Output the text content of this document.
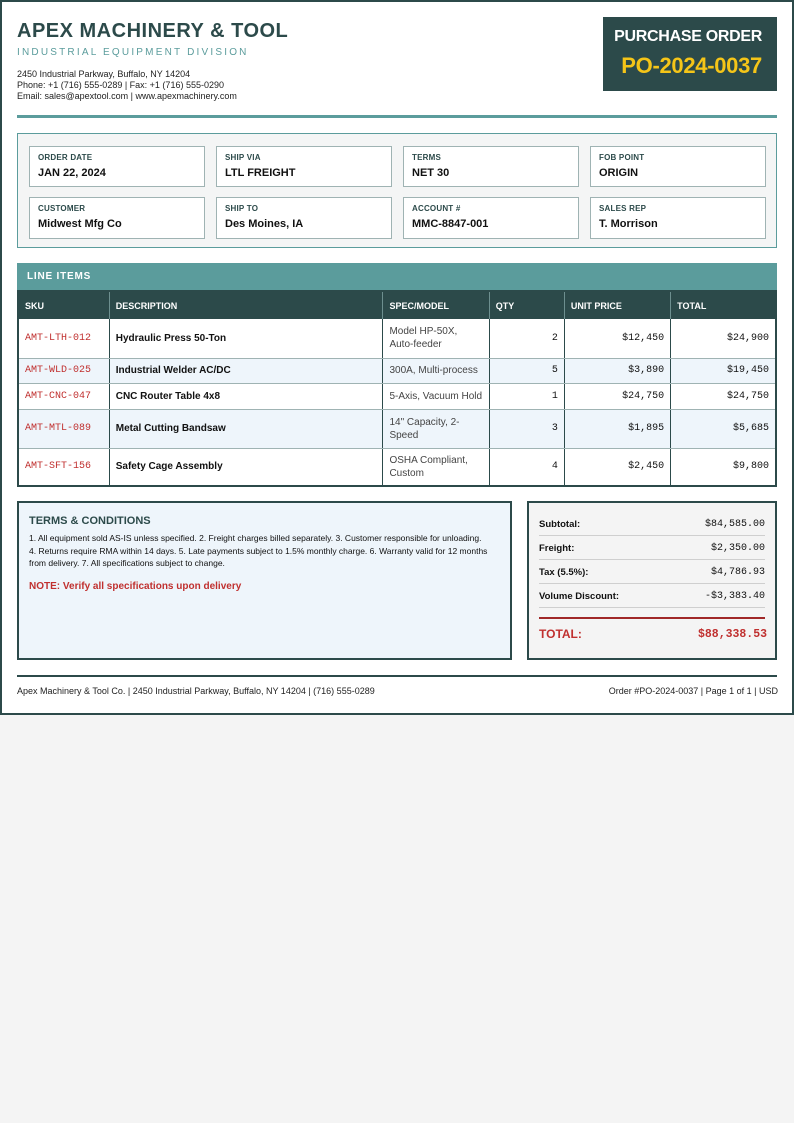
APEX MACHINERY & TOOL
INDUSTRIAL EQUIPMENT DIVISION
2450 Industrial Parkway, Buffalo, NY 14204
Phone: +1 (716) 555-0289 | Fax: +1 (716) 555-0290
Email: sales@apextool.com | www.apexmachinery.com
PURCHASE ORDER
PO-2024-0037
ORDER DATE
JAN 22, 2024
SHIP VIA
LTL FREIGHT
TERMS
NET 30
FOB POINT
ORIGIN
CUSTOMER
Midwest Mfg Co
SHIP TO
Des Moines, IA
ACCOUNT #
MMC-8847-001
SALES REP
T. Morrison
LINE ITEMS
SKU	DESCRIPTION	SPEC/MODEL	QTY	UNIT PRICE	TOTAL
AMT-LTH-012	Hydraulic Press 50-Ton	Model HP-50X, Auto-feeder	2	$12,450	$24,900
AMT-WLD-025	Industrial Welder AC/DC	300A, Multi-process	5	$3,890	$19,450
AMT-CNC-047	CNC Router Table 4x8	5-Axis, Vacuum Hold	1	$24,750	$24,750
AMT-MTL-089	Metal Cutting Bandsaw	14" Capacity, 2-Speed	3	$1,895	$5,685
AMT-SFT-156	Safety Cage Assembly	OSHA Compliant, Custom	4	$2,450	$9,800
TERMS & CONDITIONS
1. All equipment sold AS-IS unless specified. 2. Freight charges billed separately. 3. Customer responsible for unloading. 4. Returns require RMA within 14 days. 5. Late payments subject to 1.5% monthly charge. 6. Warranty valid for 12 months from delivery. 7. All specifications subject to change.
NOTE: Verify all specifications upon delivery
Subtotal:	$84,585.00
Freight:	$2,350.00
Tax (5.5%):	$4,786.93
Volume Discount:	-$3,383.40
TOTAL:	$88,338.53
Apex Machinery & Tool Co. | 2450 Industrial Parkway, Buffalo, NY 14204 | (716) 555-0289	Order #PO-2024-0037 | Page 1 of 1 | USD
